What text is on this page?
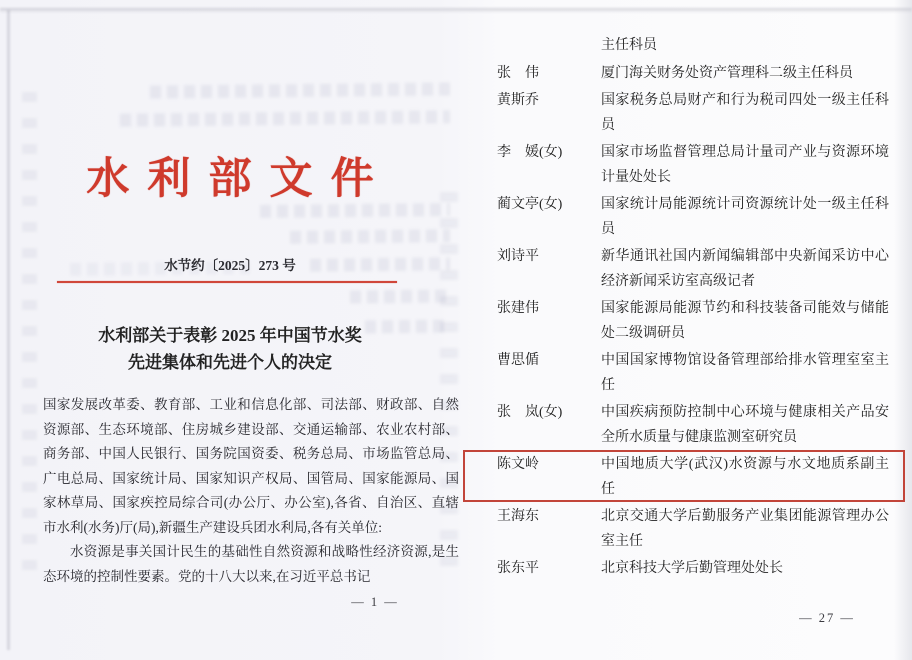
水利部文件
水节约〔2025〕273 号
水利部关于表彰 2025 年中国节水奖
先进集体和先进个人的决定

国家发展改革委、教育部、工业和信息化部、司法部、财政部、自然资源部、生态环境部、住房城乡建设部、交通运输部、农业农村部、商务部、中国人民银行、国务院国资委、税务总局、市场监管总局、广电总局、国家统计局、国家知识产权局、国管局、国家能源局、国家林草局、国家疾控局综合司(办公厅、办公室),各省、自治区、直辖市水利(水务)厅(局),新疆生产建设兵团水利局,各有关单位:

水资源是事关国计民生的基础性自然资源和战略性经济资源,是生态环境的控制性要素。党的十八大以来,在习近平总书记

— 1 —
主任科员
张　伟	厦门海关财务处资产管理科二级主任科员
黄斯乔	国家税务总局财产和行为税司四处一级主任科员
李　媛(女)	国家市场监督管理总局计量司产业与资源环境计量处处长
蔺文亭(女)	国家统计局能源统计司资源统计处一级主任科员
刘诗平	新华通讯社国内新闻编辑部中央新闻采访中心经济新闻采访室高级记者
张建伟	国家能源局能源节约和科技装备司能效与储能处二级调研员
曹思偱	中国国家博物馆设备管理部给排水管理室室主任
张　岚(女)	中国疾病预防控制中心环境与健康相关产品安全所水质量与健康监测室研究员
陈文岭	中国地质大学(武汉)水资源与水文地质系副主任
王海东	北京交通大学后勤服务产业集团能源管理办公室主任
张东平	北京科技大学后勤管理处处长
— 27 —
